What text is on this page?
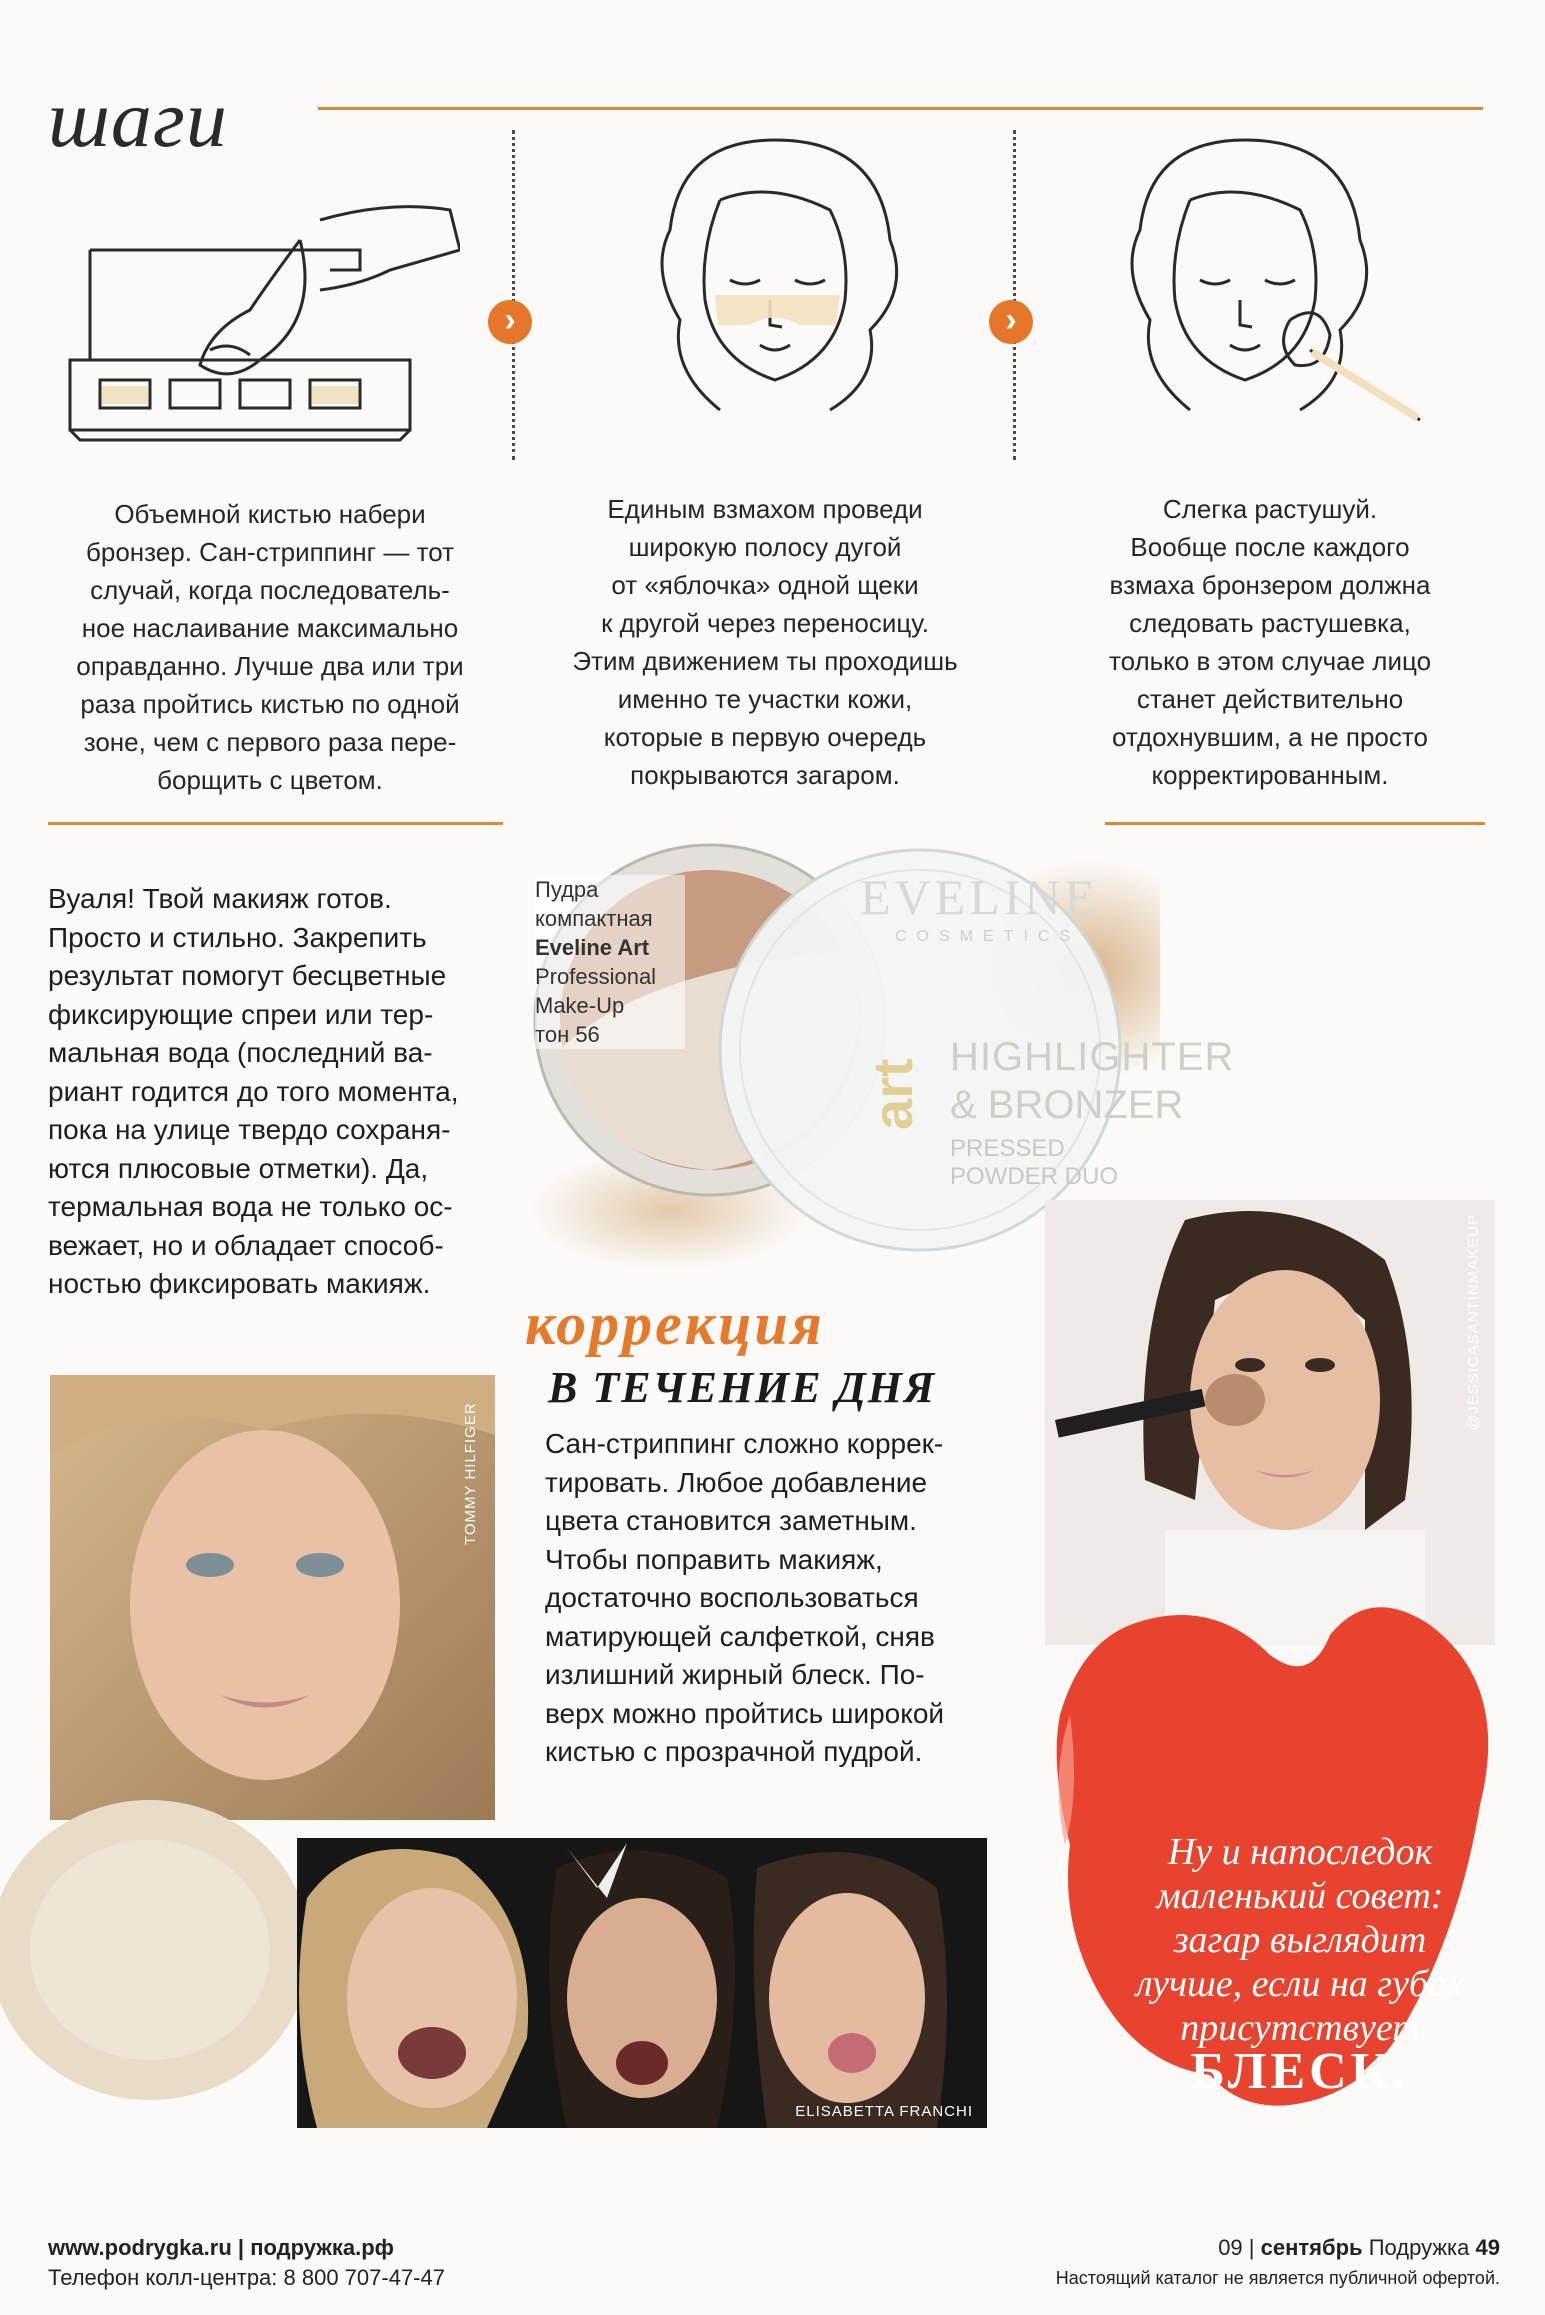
шаги
›	›
Объемной кистью набери
бронзер. Сан-стриппинг — тот
случай, когда последователь-
ное наслаивание максимально
оправданно. Лучше два или три
раза пройтись кистью по одной
зоне, чем с первого раза пере-
борщить с цветом.
Единым взмахом проведи
широкую полосу дугой
от «яблочка» одной щеки
к другой через переносицу.
Этим движением ты проходишь
именно те участки кожи,
которые в первую очередь
покрываются загаром.
Слегка растушуй.
Вообще после каждого
взмаха бронзером должна
следовать растушевка,
только в этом случае лицо
станет действительно
отдохнувшим, а не просто
корректированным.
Вуаля! Твой макияж готов.
Просто и стильно. Закрепить
результат помогут бесцветные
фиксирующие спреи или тер-
мальная вода (последний ва-
риант годится до того момента,
пока на улице твердо сохраня-
ются плюсовые отметки). Да,
термальная вода не только ос-
вежает, но и обладает способ-
ностью фиксировать макияж.
EVELINE
COSMETICS
HIGHLIGHTER
& BRONZER
PRESSED
POWDER DUO
art
Пудра
компактная
Eveline Art
Professional
Make-Up
тон 56
коррекция
В ТЕЧЕНИЕ ДНЯ
Сан-стриппинг сложно коррек-
тировать. Любое добавление
цвета становится заметным.
Чтобы поправить макияж,
достаточно воспользоваться
матирующей салфеткой, сняв
излишний жирный блеск. По-
верх можно пройтись широкой
кистью с прозрачной пудрой.
TOMMY HILFIGER
@JESSICASANTINMAKEUP
Ну и напоследок
маленький совет:
загар выглядит
лучше, если на губах
присутствует
БЛЕСК.
ELISABETTA FRANCHI
www.podrygka.ru | подружка.рф
Телефон колл-центра: 8 800 707-47-47
09 | сентябрь Подружка 49
Настоящий каталог не является публичной офертой.
